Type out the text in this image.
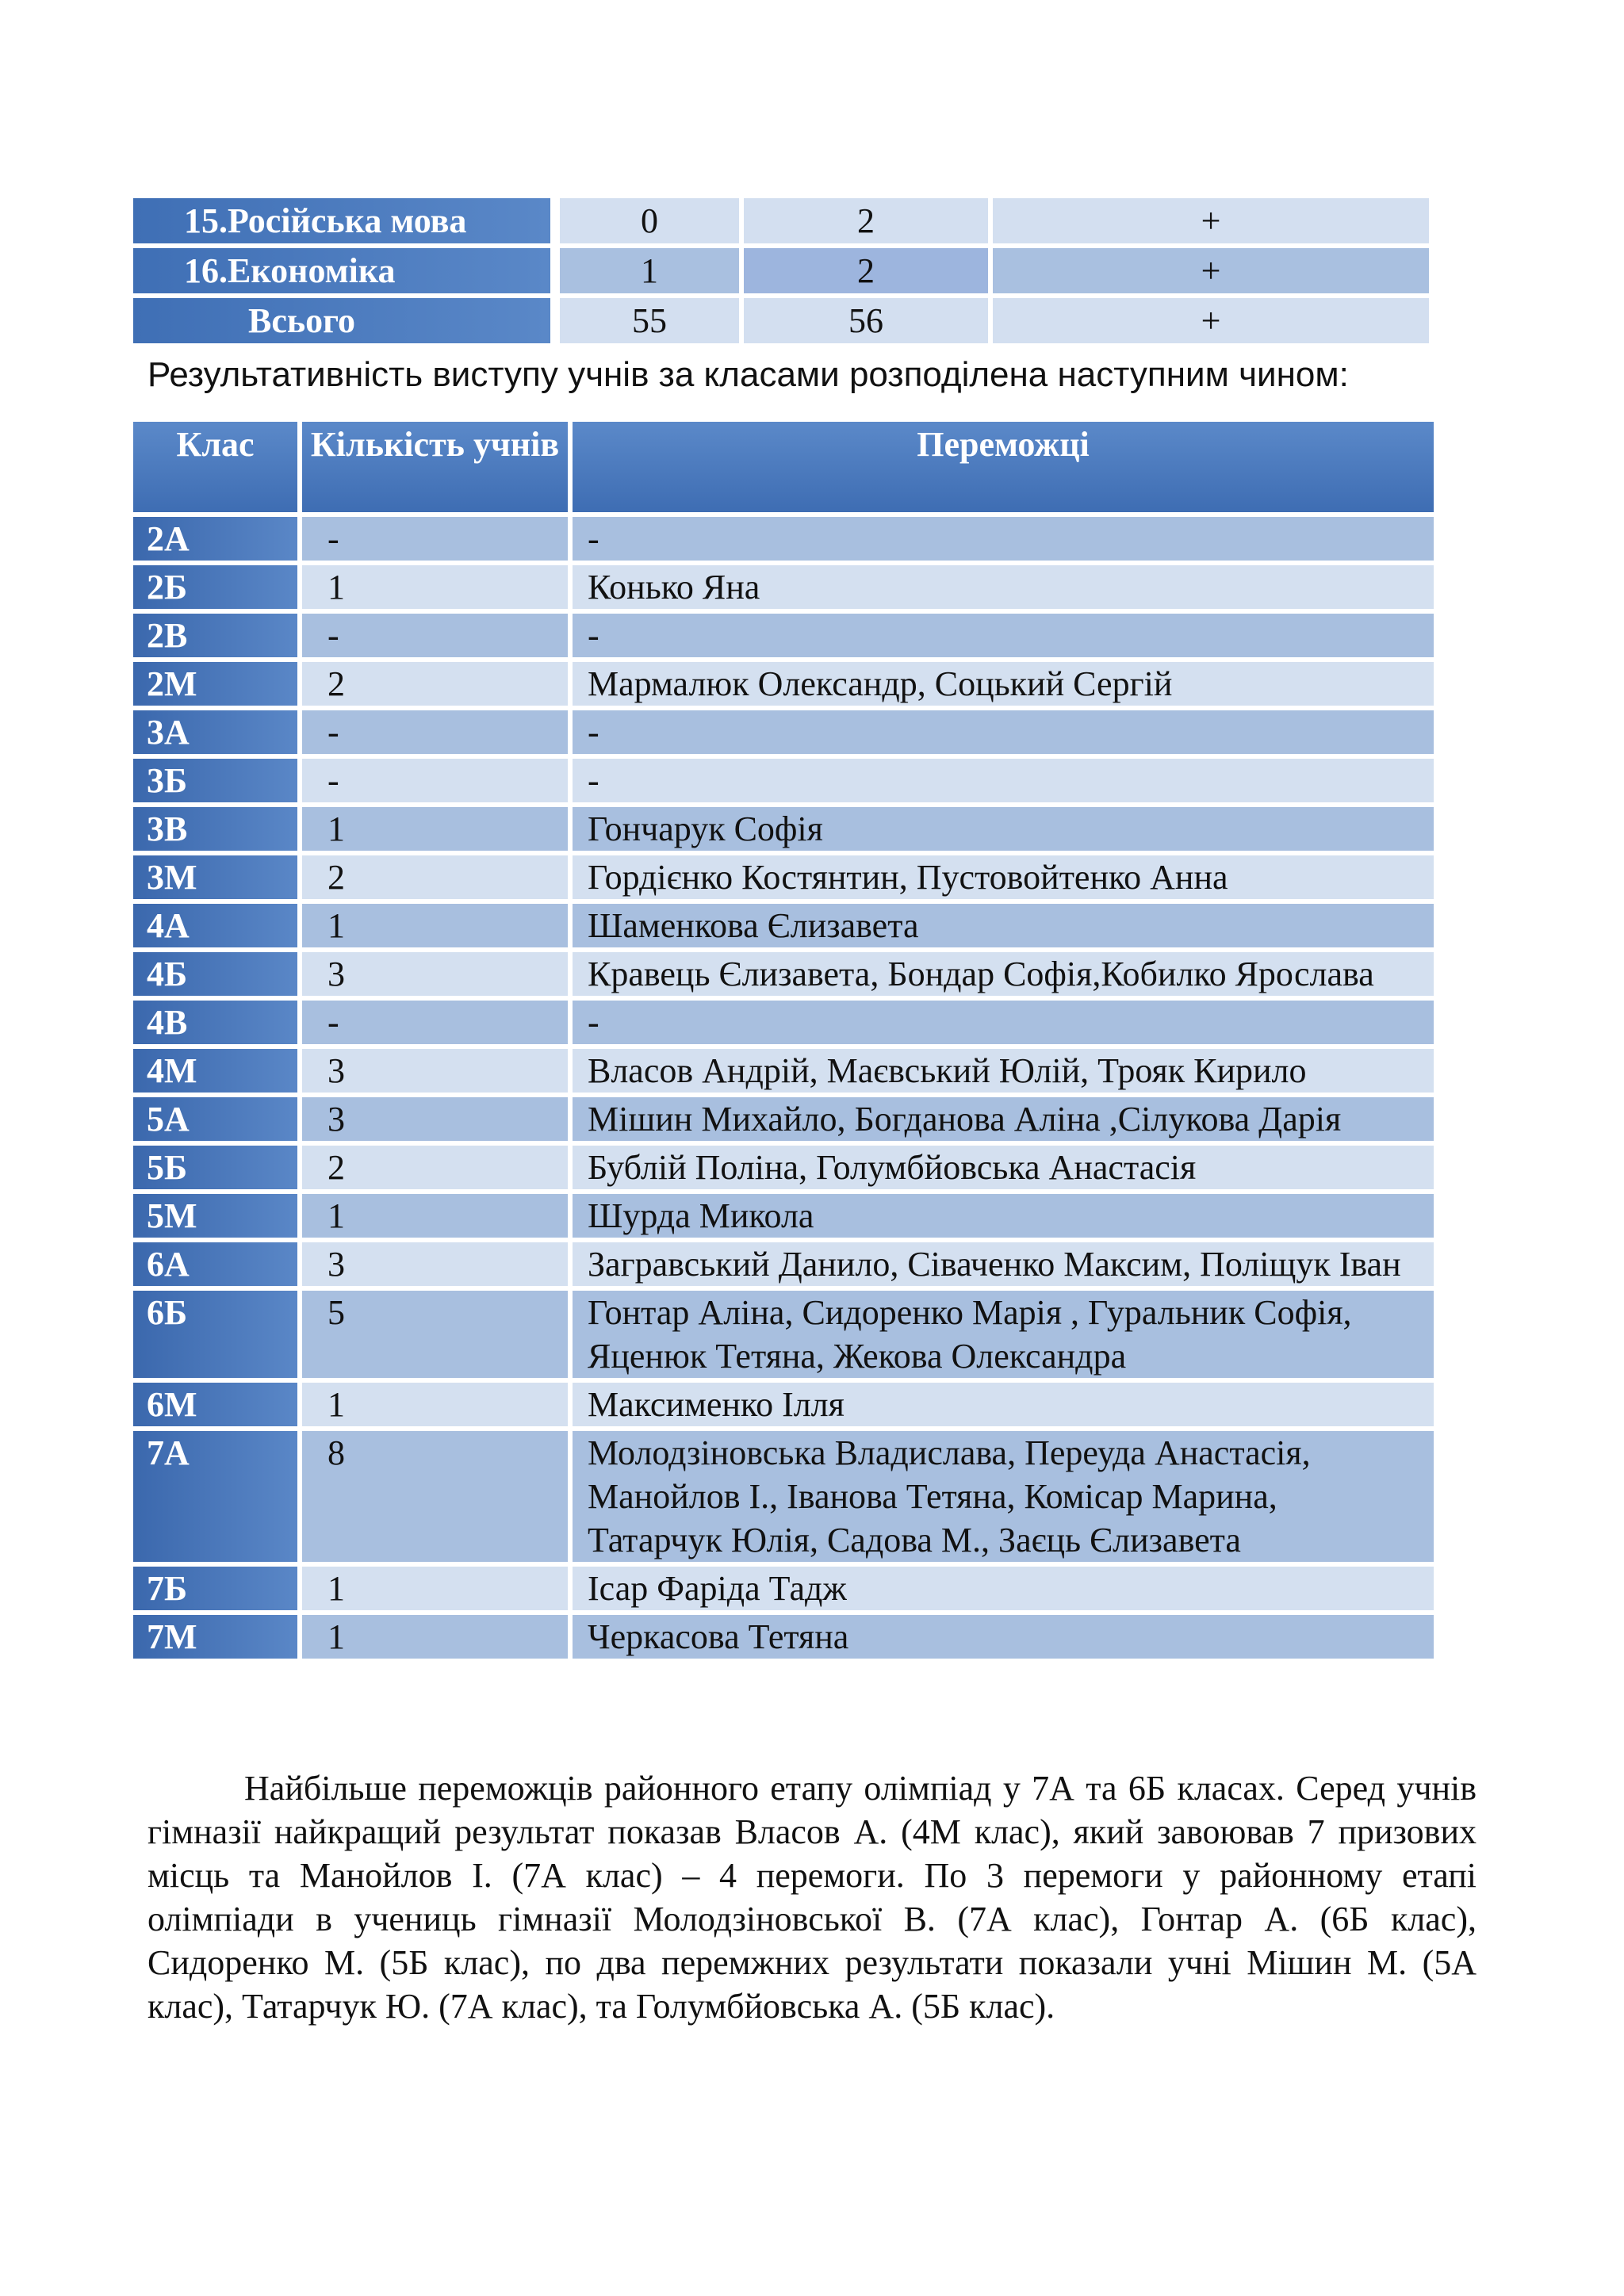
15.Російська мова		0	2	+
16.Економіка		1	2	+
Всього		55	56	+
Результативність виступу учнів за класами розподілена наступним чином:
Клас	Кількість учнів	Переможці
2А	-	-
2Б	1	Конько Яна
2В	-	-
2М	2	Мармалюк Олександр, Соцький Сергій
3А	-	-
3Б	-	-
3В	1	Гончарук Софія
3М	2	Гордієнко Костянтин, Пустовойтенко Анна
4А	1	Шаменкова Єлизавета
4Б	3	Кравець Єлизавета, Бондар Софія,Кобилко Ярослава
4В	-	-
4М	3	Власов Андрій, Маєвський Юлій, Трояк Кирило
5А	3	Мішин Михайло, Богданова Аліна ,Сілукова Дарія
5Б	2	Бублій Поліна, Голумбйовська Анастасія
5М	1	Шурда Микола
6А	3	Загравський Данило, Сіваченко Максим, Поліщук Іван
6Б	5	Гонтар Аліна, Сидоренко Марія , Гуральник Софія, Яценюк Тетяна, Жекова Олександра
6М	1	Максименко Ілля
7А	8	Молодзіновська Владислава, Переуда Анастасія, Манойлов І., Іванова Тетяна, Комісар Марина, Татарчук Юлія, Садова М., Заєць Єлизавета
7Б	1	Ісар Фаріда Тадж
7М	1	Черкасова Тетяна

Найбільше переможців районного етапу олімпіад у 7А та 6Б класах. Серед учнів гімназії найкращий результат показав Власов А. (4М клас), який завоював 7 призових місць та Манойлов І. (7А клас) – 4 перемоги. По 3 перемоги у районному етапі олімпіади в учениць гімназії Молодзіновської В. (7А клас), Гонтар А. (6Б клас), Сидоренко М. (5Б клас), по два перемжних результати показали учні Мішин М. (5А клас), Татарчук Ю. (7А клас), та Голумбйовська А. (5Б клас).
